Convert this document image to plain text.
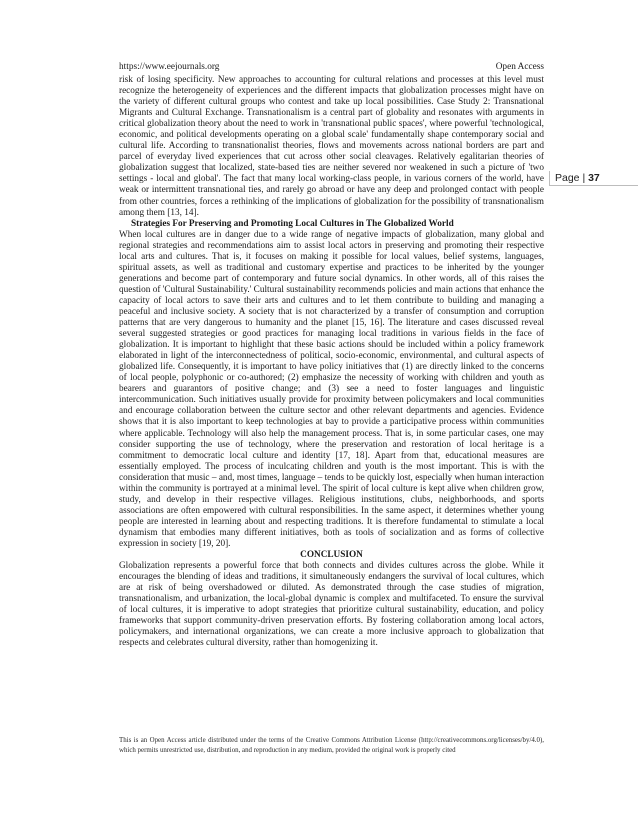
https://www.eejournals.org	Open Access
Page | 37

risk of losing specificity. New approaches to accounting for cultural relations and processes at this level must recognize the heterogeneity of experiences and the different impacts that globalization processes might have on the variety of different cultural groups who contest and take up local possibilities. Case Study 2: Transnational Migrants and Cultural Exchange. Transnationalism is a central part of globality and resonates with arguments in critical globalization theory about the need to work in 'transnational public spaces', where powerful 'technological, economic, and political developments operating on a global scale' fundamentally shape contemporary social and cultural life. According to transnationalist theories, flows and movements across national borders are part and parcel of everyday lived experiences that cut across other social cleavages. Relatively egalitarian theories of globalization suggest that localized, state-based ties are neither severed nor weakened in such a picture of 'two settings - local and global'. The fact that many local working-class people, in various corners of the world, have weak or intermittent transnational ties, and rarely go abroad or have any deep and prolonged contact with people from other countries, forces a rethinking of the implications of globalization for the possibility of transnationalism among them [13, 14].

Strategies For Preserving and Promoting Local Cultures in The Globalized World

When local cultures are in danger due to a wide range of negative impacts of globalization, many global and regional strategies and recommendations aim to assist local actors in preserving and promoting their respective local arts and cultures. That is, it focuses on making it possible for local values, belief systems, languages, spiritual assets, as well as traditional and customary expertise and practices to be inherited by the younger generations and become part of contemporary and future social dynamics. In other words, all of this raises the question of 'Cultural Sustainability.' Cultural sustainability recommends policies and main actions that enhance the capacity of local actors to save their arts and cultures and to let them contribute to building and managing a peaceful and inclusive society. A society that is not characterized by a transfer of consumption and corruption patterns that are very dangerous to humanity and the planet [15, 16]. The literature and cases discussed reveal several suggested strategies or good practices for managing local traditions in various fields in the face of globalization. It is important to highlight that these basic actions should be included within a policy framework elaborated in light of the interconnectedness of political, socio-economic, environmental, and cultural aspects of globalized life. Consequently, it is important to have policy initiatives that (1) are directly linked to the concerns of local people, polyphonic or co-authored; (2) emphasize the necessity of working with children and youth as bearers and guarantors of positive change; and (3) see a need to foster languages and linguistic intercommunication. Such initiatives usually provide for proximity between policymakers and local communities and encourage collaboration between the culture sector and other relevant departments and agencies. Evidence shows that it is also important to keep technologies at bay to provide a participative process within communities where applicable. Technology will also help the management process. That is, in some particular cases, one may consider supporting the use of technology, where the preservation and restoration of local heritage is a commitment to democratic local culture and identity [17, 18]. Apart from that, educational measures are essentially employed. The process of inculcating children and youth is the most important. This is with the consideration that music – and, most times, language – tends to be quickly lost, especially when human interaction within the community is portrayed at a minimal level. The spirit of local culture is kept alive when children grow, study, and develop in their respective villages. Religious institutions, clubs, neighborhoods, and sports associations are often empowered with cultural responsibilities. In the same aspect, it determines whether young people are interested in learning about and respecting traditions. It is therefore fundamental to stimulate a local dynamism that embodies many different initiatives, both as tools of socialization and as forms of collective expression in society [19, 20].

CONCLUSION

Globalization represents a powerful force that both connects and divides cultures across the globe. While it encourages the blending of ideas and traditions, it simultaneously endangers the survival of local cultures, which are at risk of being overshadowed or diluted. As demonstrated through the case studies of migration, transnationalism, and urbanization, the local-global dynamic is complex and multifaceted. To ensure the survival of local cultures, it is imperative to adopt strategies that prioritize cultural sustainability, education, and policy frameworks that support community-driven preservation efforts. By fostering collaboration among local actors, policymakers, and international organizations, we can create a more inclusive approach to globalization that respects and celebrates cultural diversity, rather than homogenizing it.

This is an Open Access article distributed under the terms of the Creative Commons Attribution License (http://creativecommons.org/licenses/by/4.0), which permits unrestricted use, distribution, and reproduction in any medium, provided the original work is properly cited
